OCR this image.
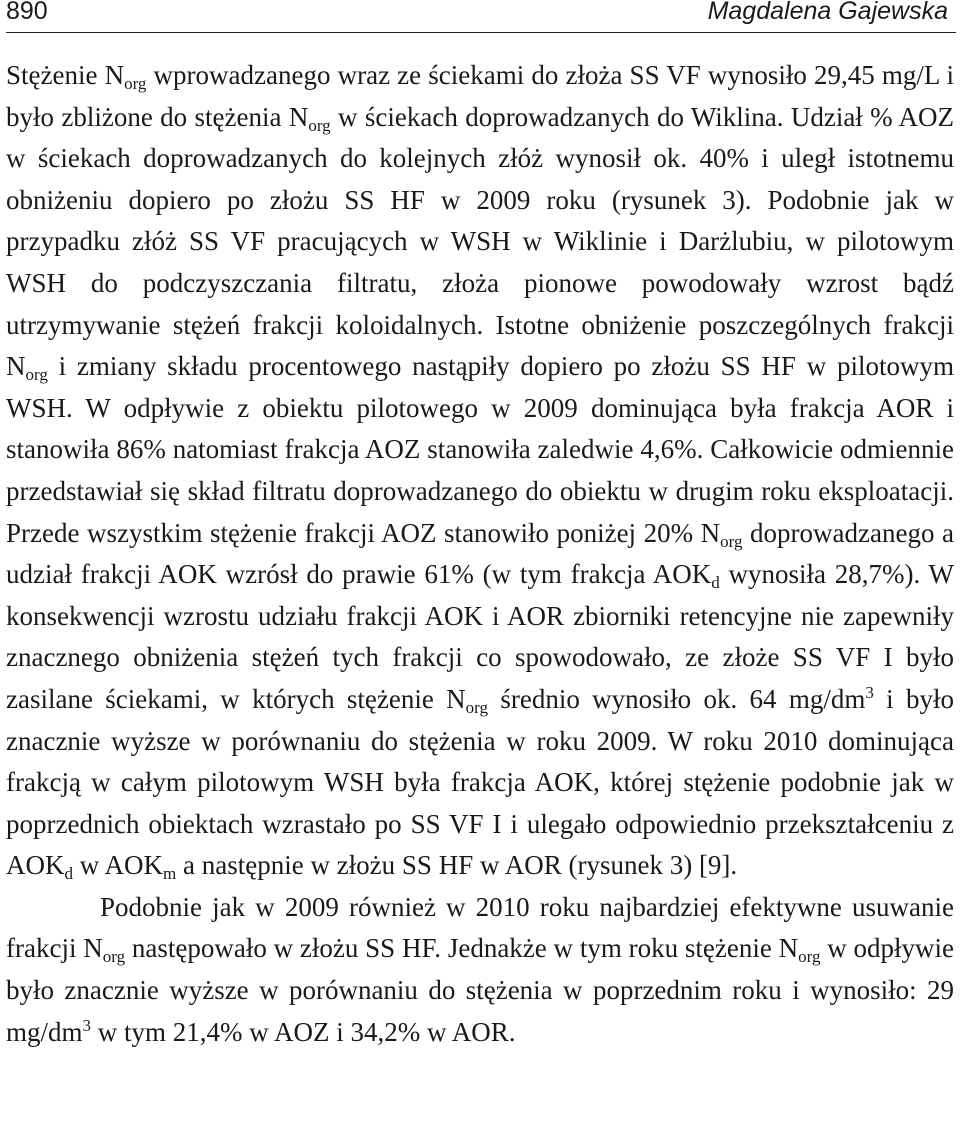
890	Magdalena Gajewska

Stężenie $N_{org}$ wprowadzanego wraz ze ściekami do złoża SS VF wynosiło 29,45 mg/L i było zbliżone do stężenia $N_{org}$ w ściekach doprowadzanych do Wiklina. Udział % AOZ w ściekach doprowadzanych do kolejnych złóż wynosił ok. 40% i uległ istotnemu obniżeniu dopiero po złożu SS HF w 2009 roku (rysunek 3). Podobnie jak w przypadku złóż SS VF pracujących w WSH w Wiklinie i Darżlubiu, w pilotowym WSH do podczyszczania filtratu, złoża pionowe powodowały wzrost bądź utrzymywanie stężeń frakcji koloidalnych. Istotne obniżenie poszczególnych frakcji $N_{org}$ i zmiany składu procentowego nastąpiły dopiero po złożu SS HF w pilotowym WSH. W odpływie z obiektu pilotowego w 2009 dominująca była frakcja AOR i stanowiła 86% natomiast frakcja AOZ stanowiła zaledwie 4,6%. Całkowicie odmiennie przedstawiał się skład filtratu doprowadzanego do obiektu w drugim roku eksploatacji. Przede wszystkim stężenie frakcji AOZ stanowiło poniżej 20% $N_{org}$ doprowadzanego a udział frakcji AOK wzrósł do prawie 61% (w tym frakcja $AOK_d$ wynosiła 28,7%). W konsekwencji wzrostu udziału frakcji AOK i AOR zbiorniki retencyjne nie zapewniły znacznego obniżenia stężeń tych frakcji co spowodowało, ze złoże SS VF I było zasilane ściekami, w których stężenie $N_{org}$ średnio wynosiło ok. 64 $mg/dm^3$ i było znacznie wyższe w porównaniu do stężenia w roku 2009. W roku 2010 dominująca frakcją w całym pilotowym WSH była frakcja AOK, której stężenie podobnie jak w poprzednich obiektach wzrastało po SS VF I i ulegało odpowiednio przekształceniu z $AOK_d$ w $AOK_m$ a następnie w złożu SS HF w AOR (rysunek 3) [9].

Podobnie jak w 2009 również w 2010 roku najbardziej efektywne usuwanie frakcji $N_{org}$ następowało w złożu SS HF. Jednakże w tym roku stężenie $N_{org}$ w odpływie było znacznie wyższe w porównaniu do stężenia w poprzednim roku i wynosiło: 29 $mg/dm^3$ w tym 21,4% w AOZ i 34,2% w AOR.
